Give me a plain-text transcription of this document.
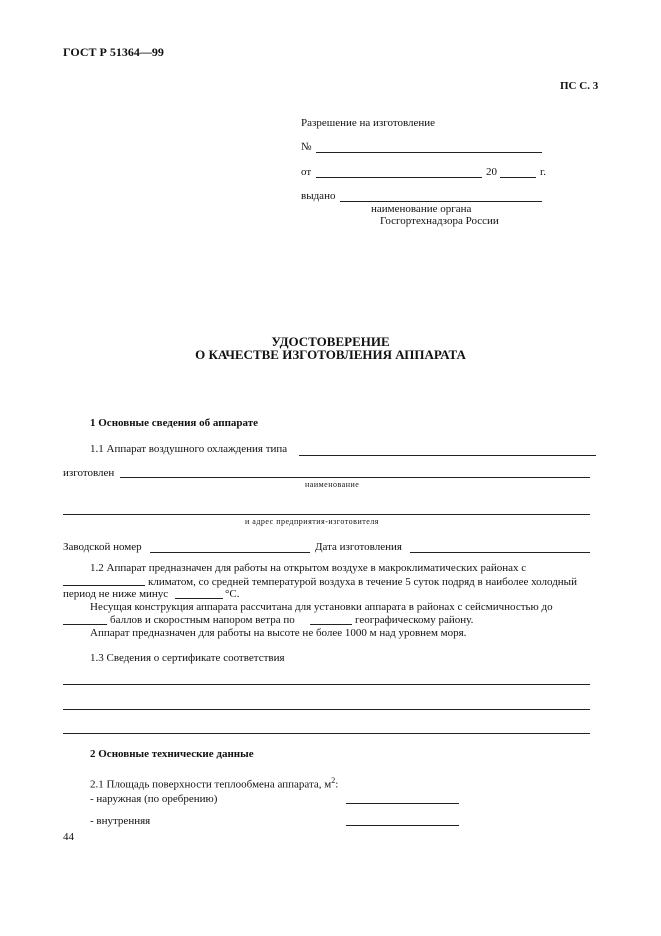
ГОСТ Р 51364—99
ПС С. 3
Разрешение на изготовление
№
от	20	г.
выдано
наименование органа
Госгортехнадзора России
УДОСТОВЕРЕНИЕ
О КАЧЕСТВЕ ИЗГОТОВЛЕНИЯ АППАРАТА
1 Основные сведения об аппарате
1.1 Аппарат воздушного охлаждения типа
изготовлен
наименование
и адрес предприятия-изготовителя
Заводской номер	Дата изготовления
1.2 Аппарат предназначен для работы на открытом воздухе в макроклиматических районах с
климатом, со средней температурой воздуха в течение 5 суток подряд в наиболее холодный
период не ниже минус	°С.
Несущая конструкция аппарата рассчитана для установки аппарата в районах с сейсмичностью до
баллов и скоростным напором ветра по	географическому району.
Аппарат предназначен для работы на высоте не более 1000 м над уровнем моря.
1.3 Сведения о сертификате соответствия
2 Основные технические данные
2.1 Площадь поверхности теплообмена аппарата, $м^2$:
- наружная (по оребрению)
- внутренняя
44
